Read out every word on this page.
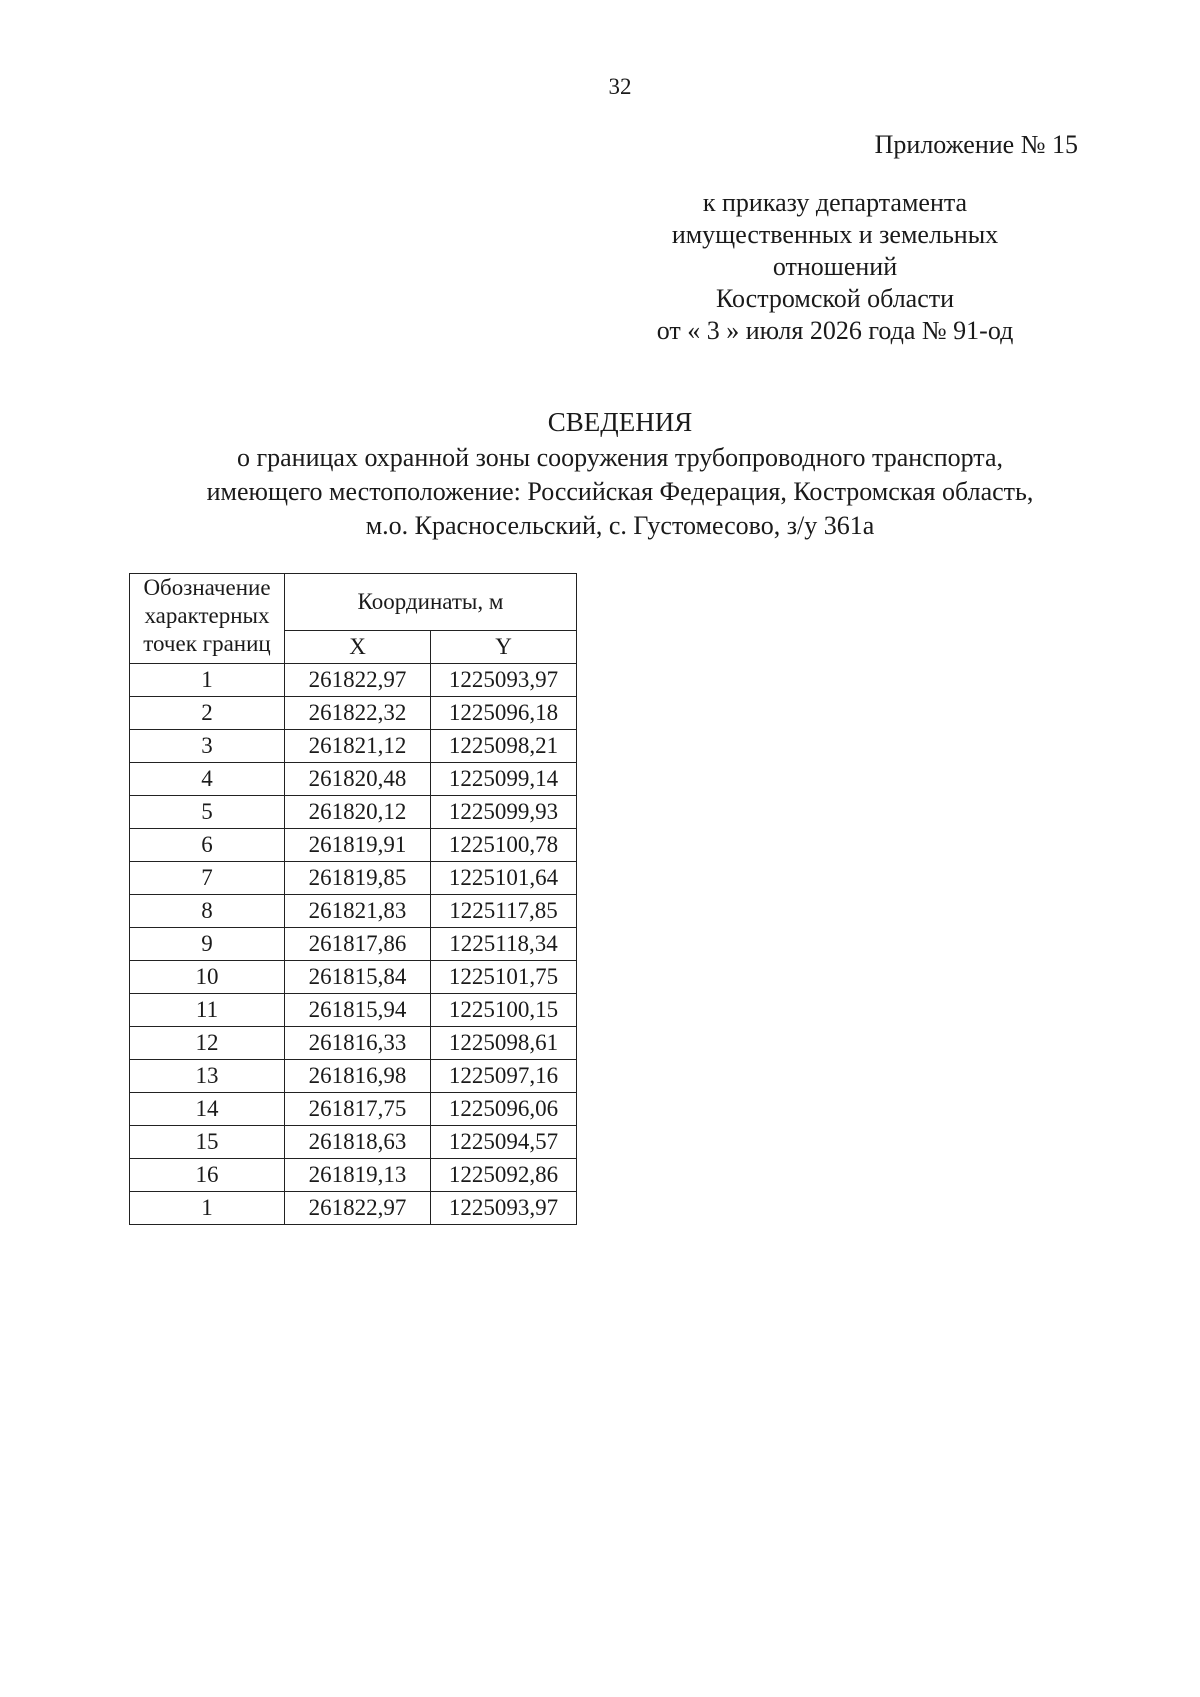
32
Приложение № 15
к приказу департамента
имущественных и земельных
отношений
Костромской области
от « 3 » июля 2026 года № 91-од
СВЕДЕНИЯ
о границах охранной зоны сооружения трубопроводного транспорта,
имеющего местоположение: Российская Федерация, Костромская область,
м.о. Красносельский, с. Густомесово, з/у 361а
Обозначение
характерных
точек границ	Координаты, м	
	X	Y
1	261822,97	1225093,97
2	261822,32	1225096,18
3	261821,12	1225098,21
4	261820,48	1225099,14
5	261820,12	1225099,93
6	261819,91	1225100,78
7	261819,85	1225101,64
8	261821,83	1225117,85
9	261817,86	1225118,34
10	261815,84	1225101,75
11	261815,94	1225100,15
12	261816,33	1225098,61
13	261816,98	1225097,16
14	261817,75	1225096,06
15	261818,63	1225094,57
16	261819,13	1225092,86
1	261822,97	1225093,97
